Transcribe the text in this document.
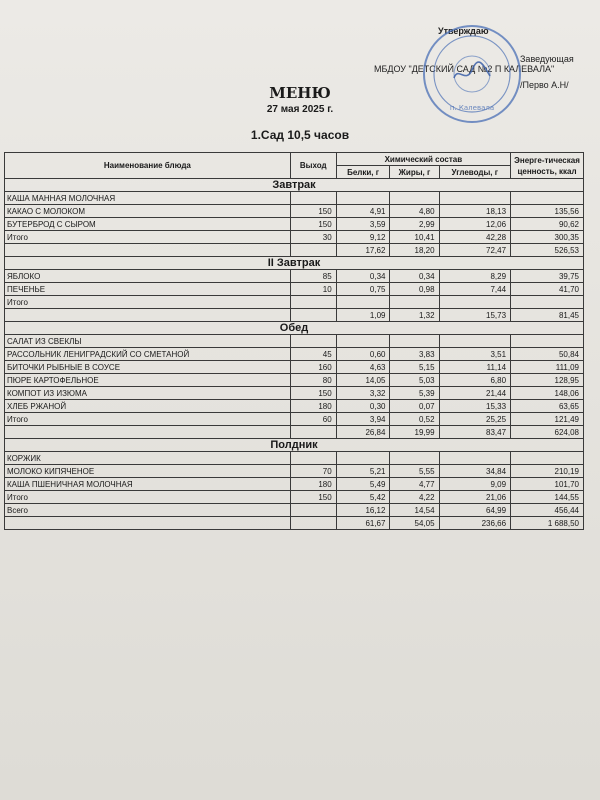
Утверждаю
Заведующая
МБДОУ "ДЕТСКИЙ САД №2 П КАЛЕВАЛА"
/Перво А.Н/
п. Калевала
МЕНЮ
27 мая 2025 г.
1.Сад 10,5 часов
Наименование блюда	Выход	Химический состав			Энерге-тическая ценность, ккал
		Белки, г	Жиры, г	Углеводы, г	
Завтрак					
КАША МАННАЯ МОЛОЧНАЯ					
КАКАО С МОЛОКОМ	150	4,91	4,80	18,13	135,56
БУТЕРБРОД С СЫРОМ	150	3,59	2,99	12,06	90,62
Итого	30	9,12	10,41	42,28	300,35
		17,62	18,20	72,47	526,53
II Завтрак					
ЯБЛОКО	85	0,34	0,34	8,29	39,75
ПЕЧЕНЬЕ	10	0,75	0,98	7,44	41,70
Итого					
		1,09	1,32	15,73	81,45
Обед					
САЛАТ ИЗ СВЕКЛЫ					
РАССОЛЬНИК ЛЕНИГРАДСКИЙ СО СМЕТАНОЙ	45	0,60	3,83	3,51	50,84
БИТОЧКИ РЫБНЫЕ В СОУСЕ	160	4,63	5,15	11,14	111,09
ПЮРЕ КАРТОФЕЛЬНОЕ	80	14,05	5,03	6,80	128,95
КОМПОТ ИЗ ИЗЮМА	150	3,32	5,39	21,44	148,06
ХЛЕБ РЖАНОЙ	180	0,30	0,07	15,33	63,65
Итого	60	3,94	0,52	25,25	121,49
		26,84	19,99	83,47	624,08
Полдник					
КОРЖИК					
МОЛОКО КИПЯЧЕНОЕ	70	5,21	5,55	34,84	210,19
КАША ПШЕНИЧНАЯ МОЛОЧНАЯ	180	5,49	4,77	9,09	101,70
Итого	150	5,42	4,22	21,06	144,55
Всего		16,12	14,54	64,99	456,44
		61,67	54,05	236,66	1 688,50
